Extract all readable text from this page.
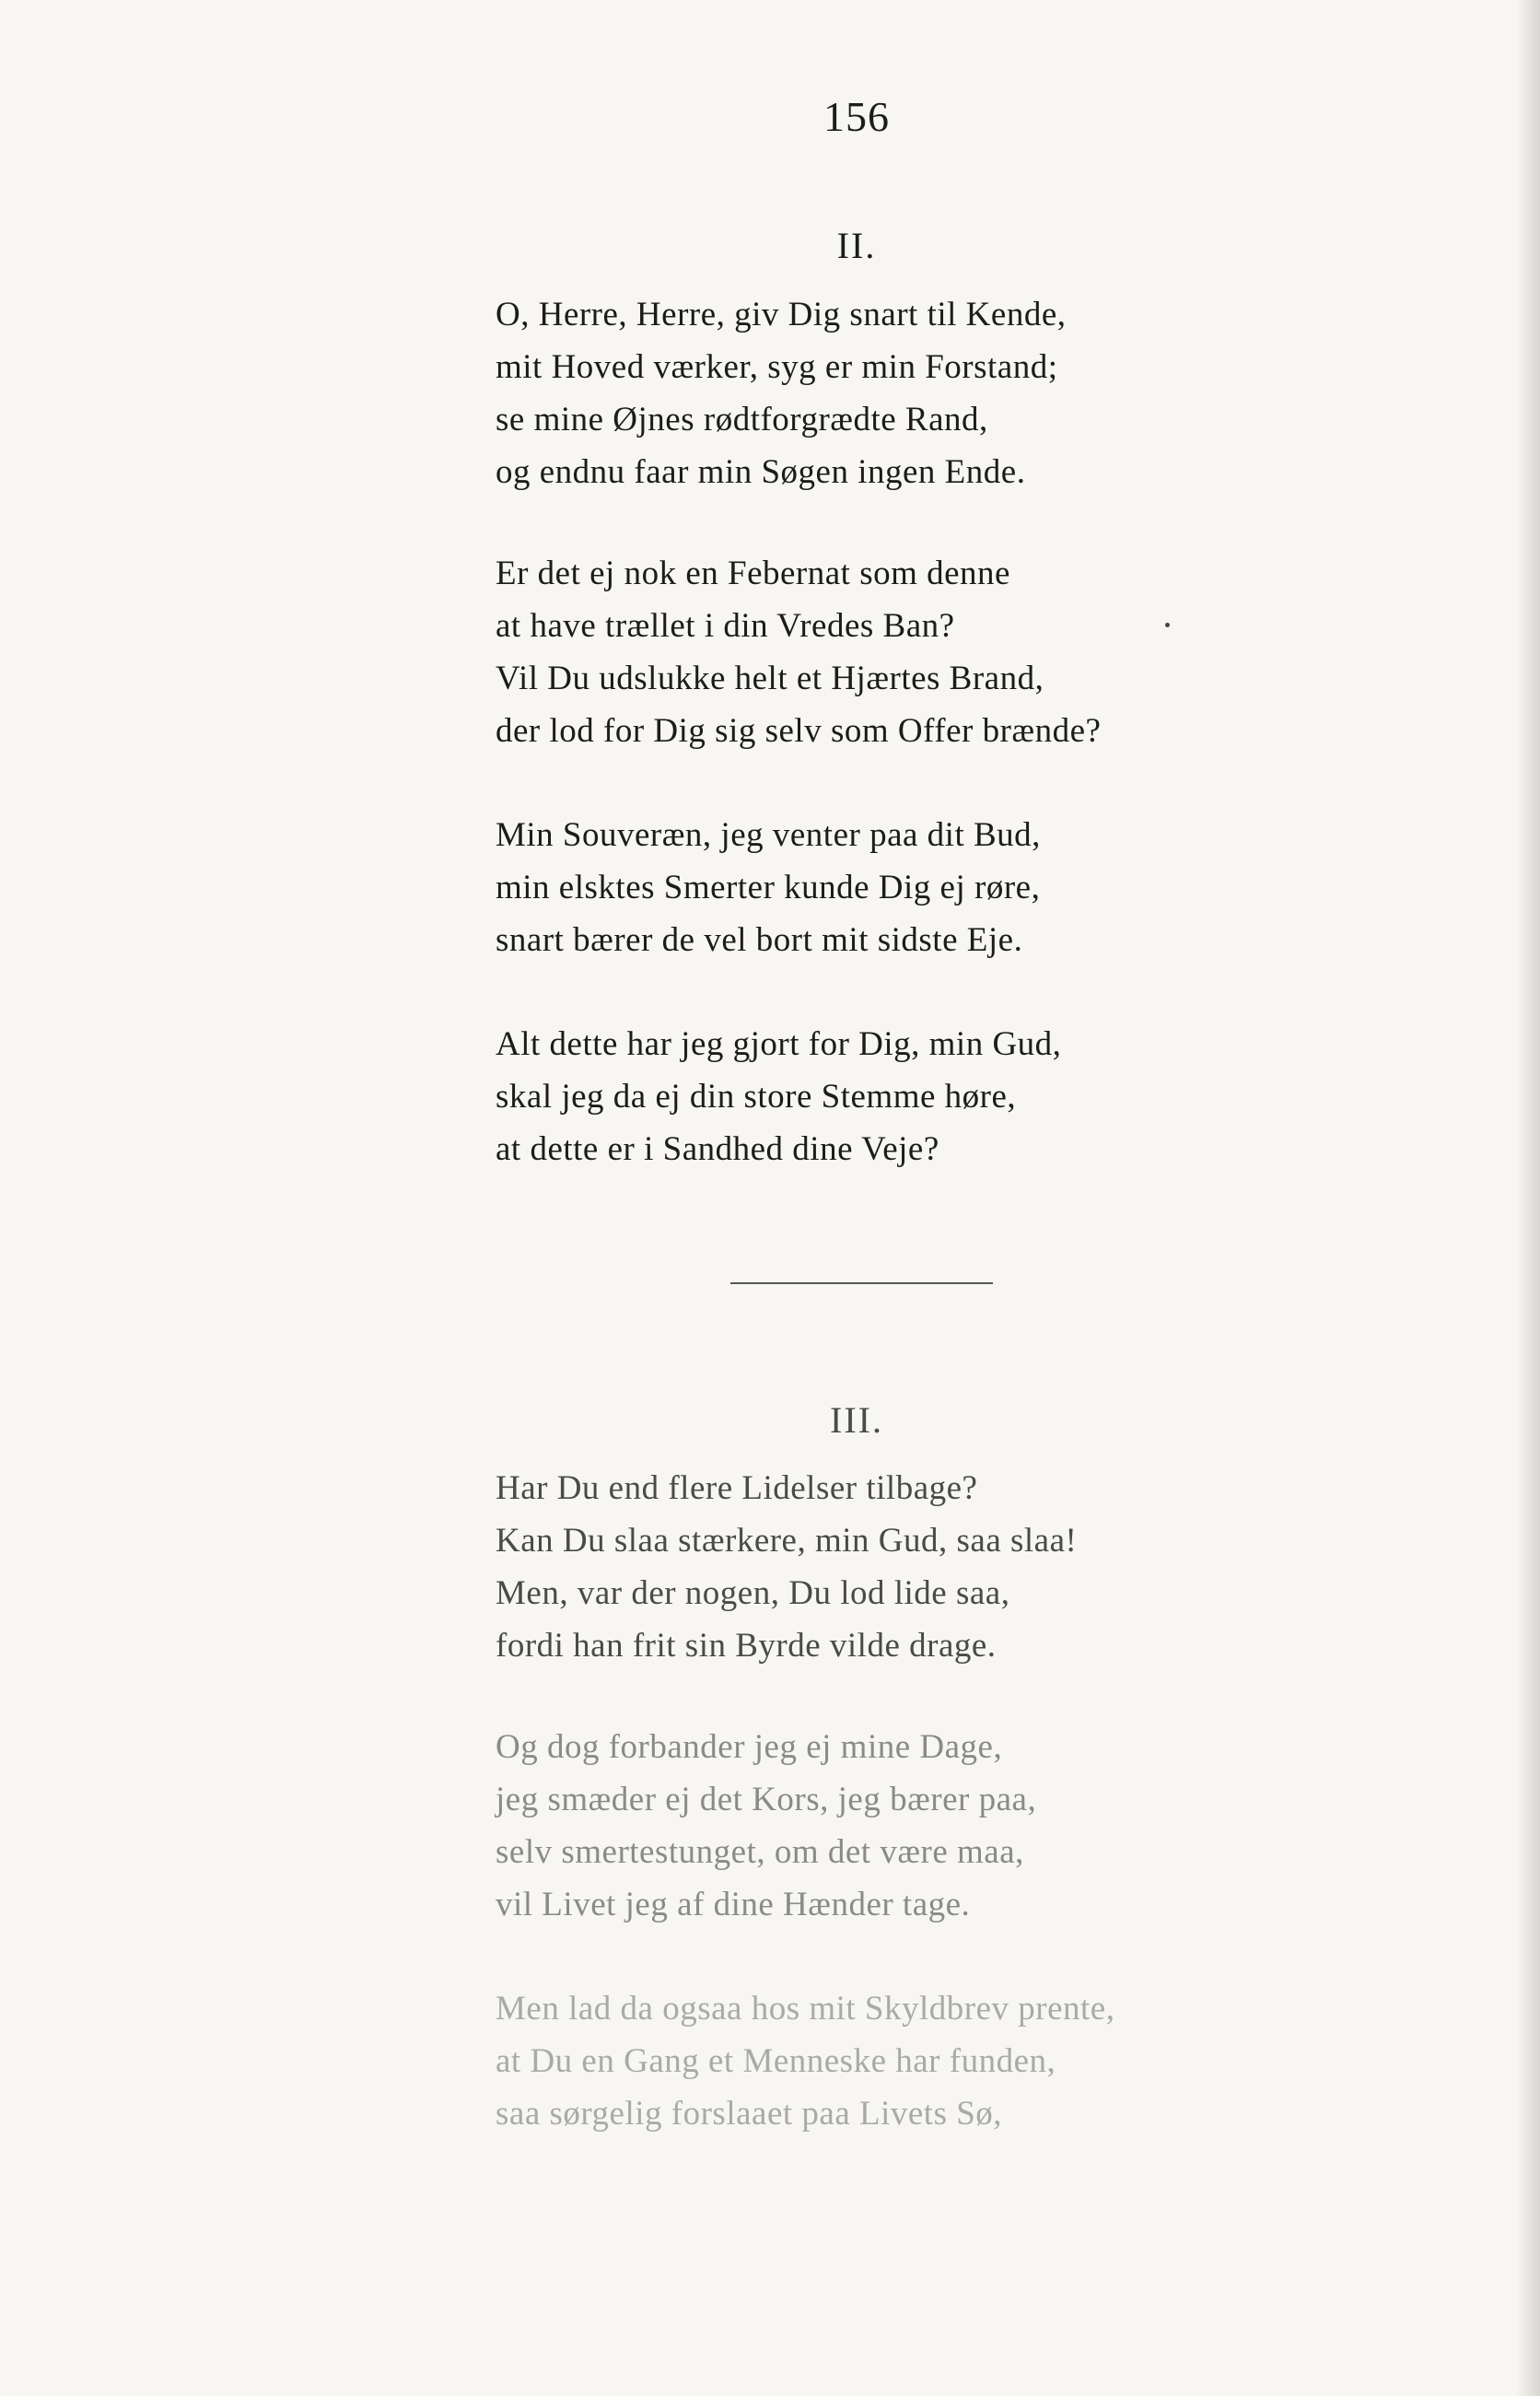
156
II.
O, Herre, Herre, giv Dig snart til Kende,
mit Hoved værker, syg er min Forstand;
se mine Øjnes rødtforgrædte Rand,
og endnu faar min Søgen ingen Ende.
Er det ej nok en Febernat som denne
at have trællet i din Vredes Ban?
Vil Du udslukke helt et Hjærtes Brand,
der lod for Dig sig selv som Offer brænde?
Min Souveræn, jeg venter paa dit Bud,
min elsktes Smerter kunde Dig ej røre,
snart bærer de vel bort mit sidste Eje.
Alt dette har jeg gjort for Dig, min Gud,
skal jeg da ej din store Stemme høre,
at dette er i Sandhed dine Veje?
III.
Har Du end flere Lidelser tilbage?
Kan Du slaa stærkere, min Gud, saa slaa!
Men, var der nogen, Du lod lide saa,
fordi han frit sin Byrde vilde drage.
Og dog forbander jeg ej mine Dage,
jeg smæder ej det Kors, jeg bærer paa,
selv smertestunget, om det være maa,
vil Livet jeg af dine Hænder tage.
Men lad da ogsaa hos mit Skyldbrev prente,
at Du en Gang et Menneske har funden,
saa sørgelig forslaaet paa Livets Sø,
